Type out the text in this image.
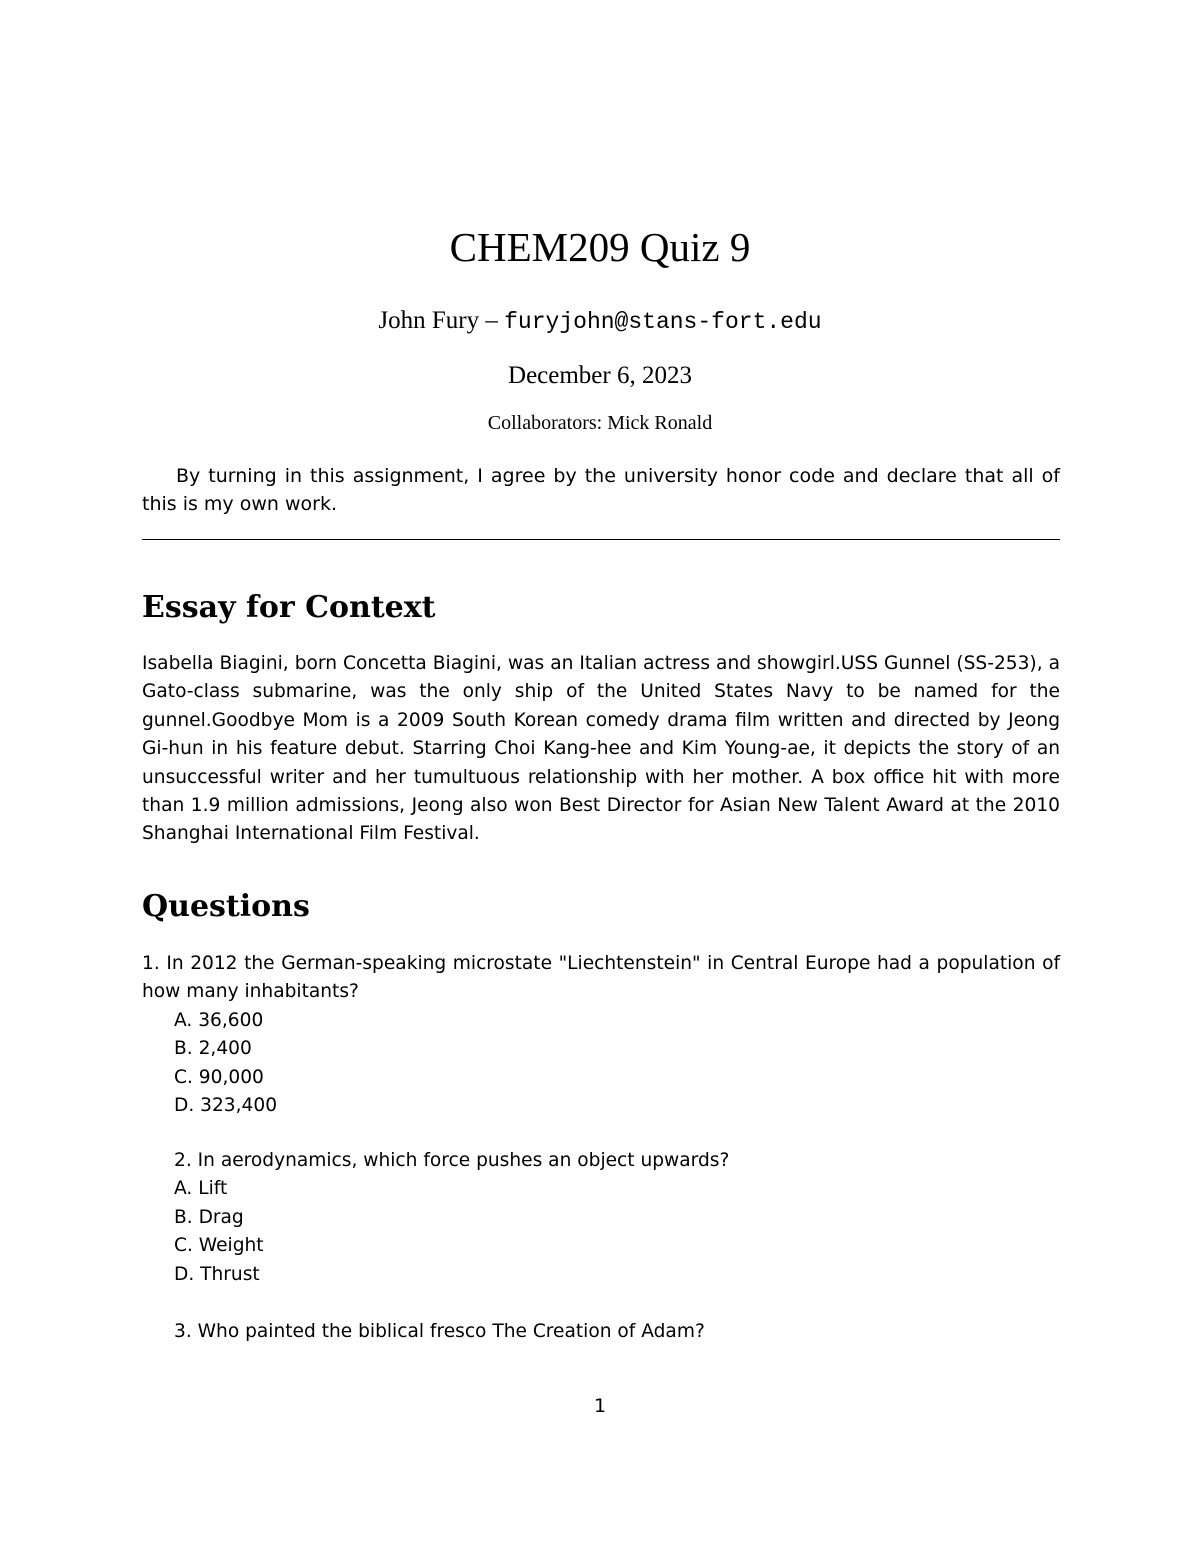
CHEM209 Quiz 9
John Fury – furyjohn@stans-fort.edu
December 6, 2023
Collaborators: Mick Ronald

By turning in this assignment, I agree by the university honor code and declare that all of this is my own work.

Essay for Context

Isabella Biagini, born Concetta Biagini, was an Italian actress and showgirl.USS Gunnel (SS-253), a Gato-class submarine, was the only ship of the United States Navy to be named for the gunnel.Goodbye Mom is a 2009 South Korean comedy drama film written and directed by Jeong Gi-hun in his feature debut. Starring Choi Kang-hee and Kim Young-ae, it depicts the story of an unsuccessful writer and her tumultuous relationship with her mother. A box office hit with more than 1.9 million admissions, Jeong also won Best Director for Asian New Talent Award at the 2010 Shanghai International Film Festival.

Questions

1. In 2012 the German-speaking microstate "Liechtenstein" in Central Europe had a population of how many inhabitants?

A. 36,600
B. 2,400
C. 90,000
D. 323,400

2. In aerodynamics, which force pushes an object upwards?

A. Lift
B. Drag
C. Weight
D. Thrust

3. Who painted the biblical fresco The Creation of Adam?

1
